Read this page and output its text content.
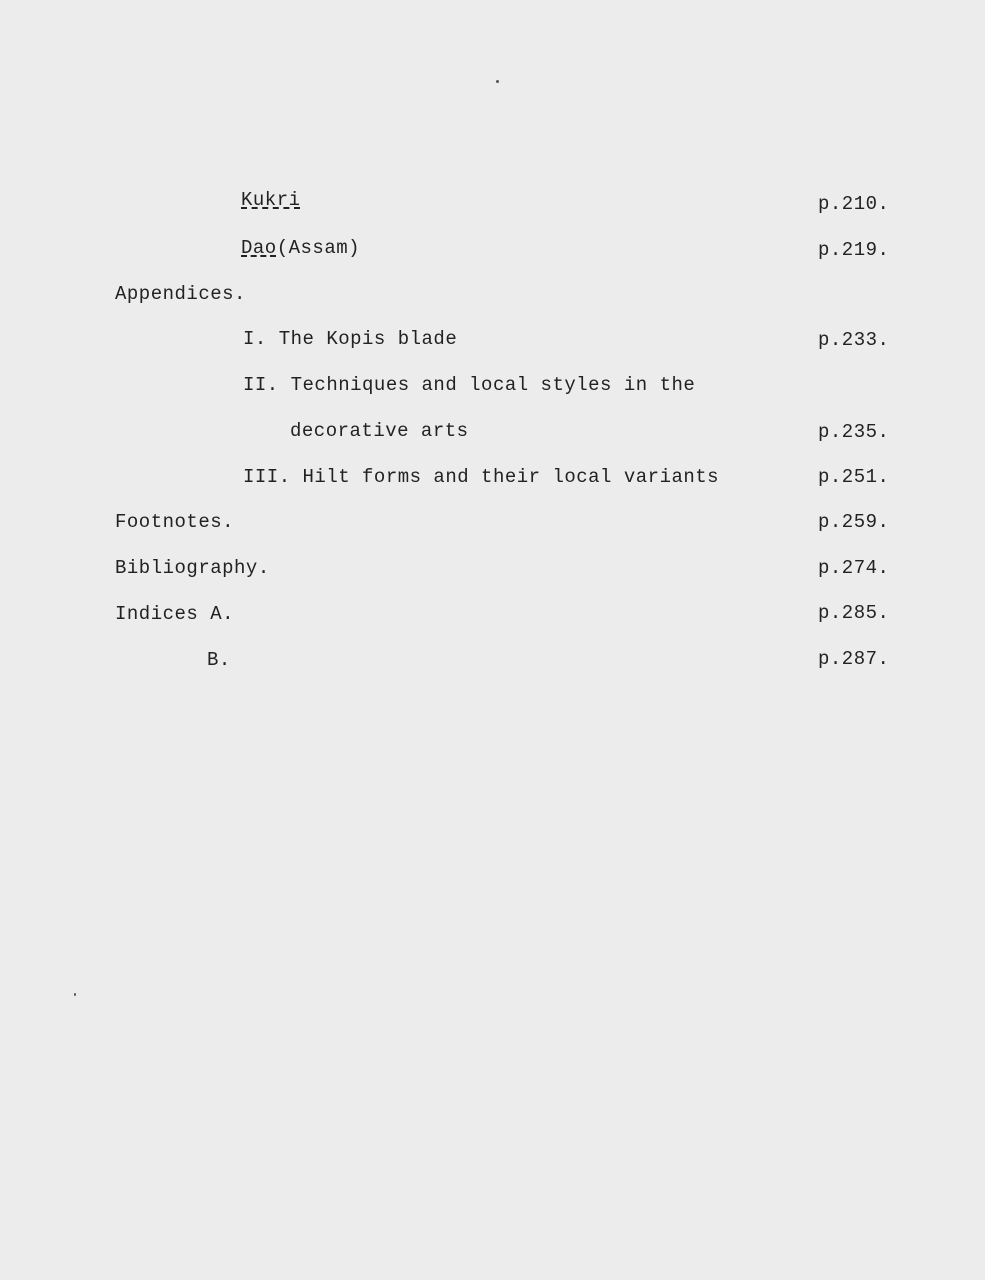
Kukri	p.210.
Dao(Assam)	p.219.
Appendices.
I. The Kopis blade	p.233.
II. Techniques and local styles in the
decorative arts	p.235.
III. Hilt forms and their local variants	p.251.
Footnotes.	p.259.
Bibliography.	p.274.
Indices A.	p.285.
B.	p.287.
